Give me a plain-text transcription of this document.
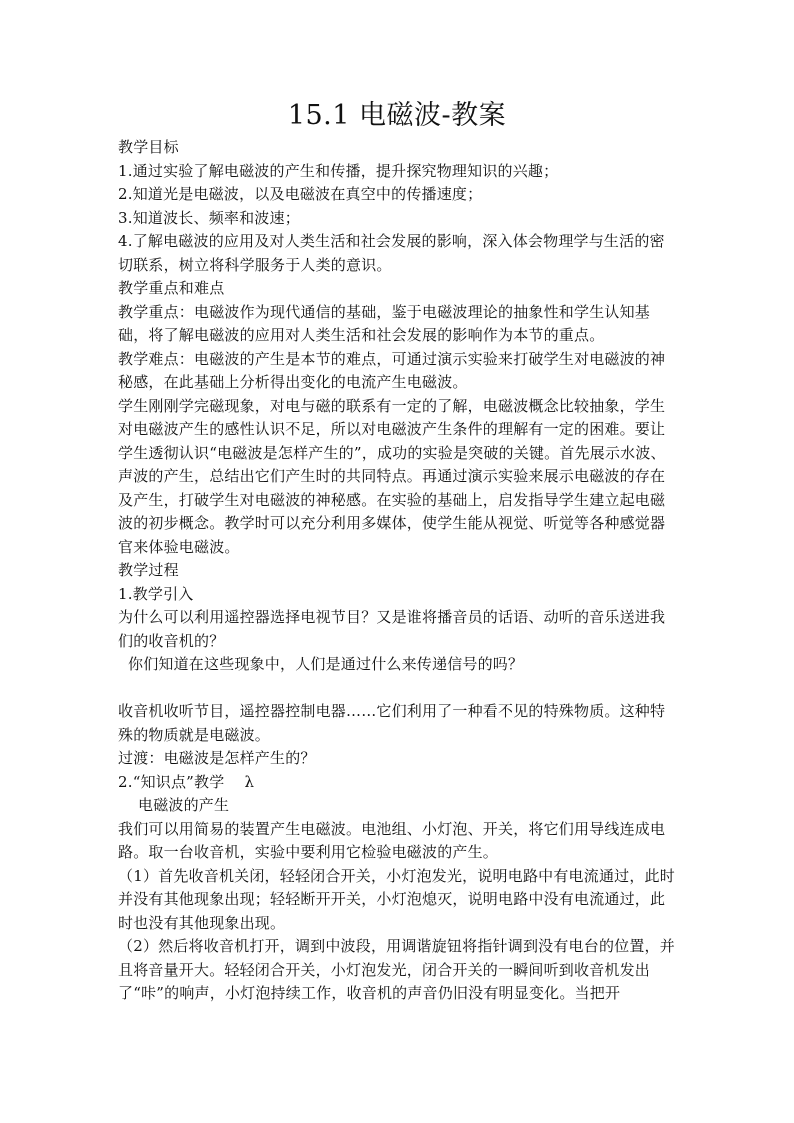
15.1 电磁波-教案

教学目标

1.通过实验了解电磁波的产生和传播，提升探究物理知识的兴趣；

2.知道光是电磁波，以及电磁波在真空中的传播速度；

3.知道波长、频率和波速；

4.了解电磁波的应用及对人类生活和社会发展的影响，深入体会物理学与生活的密切联系，树立将科学服务于人类的意识。

教学重点和难点

教学重点：电磁波作为现代通信的基础，鉴于电磁波理论的抽象性和学生认知基础，将了解电磁波的应用对人类生活和社会发展的影响作为本节的重点。

教学难点：电磁波的产生是本节的难点，可通过演示实验来打破学生对电磁波的神秘感，在此基础上分析得出变化的电流产生电磁波。

学生刚刚学完磁现象，对电与磁的联系有一定的了解，电磁波概念比较抽象，学生对电磁波产生的感性认识不足，所以对电磁波产生条件的理解有一定的困难。要让学生透彻认识“电磁波是怎样产生的”，成功的实验是突破的关键。首先展示水波、声波的产生，总结出它们产生时的共同特点。再通过演示实验来展示电磁波的存在及产生，打破学生对电磁波的神秘感。在实验的基础上，启发指导学生建立起电磁波的初步概念。教学时可以充分利用多媒体，使学生能从视觉、听觉等各种感觉器官来体验电磁波。

教学过程

1.教学引入

为什么可以利用遥控器选择电视节目？又是谁将播音员的话语、动听的音乐送进我们的收音机的？

你们知道在这些现象中，人们是通过什么来传递信号的吗？

收音机收听节目，遥控器控制电器……它们利用了一种看不见的特殊物质。这种特殊的物质就是电磁波。

过渡：电磁波是怎样产生的？

2.“知识点”教学 λ

电磁波的产生

我们可以用简易的装置产生电磁波。电池组、小灯泡、开关，将它们用导线连成电路。取一台收音机，实验中要利用它检验电磁波的产生。

（1）首先收音机关闭，轻轻闭合开关，小灯泡发光，说明电路中有电流通过，此时并没有其他现象出现；轻轻断开开关，小灯泡熄灭，说明电路中没有电流通过，此时也没有其他现象出现。

（2）然后将收音机打开，调到中波段，用调谐旋钮将指针调到没有电台的位置，并且将音量开大。轻轻闭合开关，小灯泡发光，闭合开关的一瞬间听到收音机发出了“咔”的响声，小灯泡持续工作，收音机的声音仍旧没有明显变化。当把开
